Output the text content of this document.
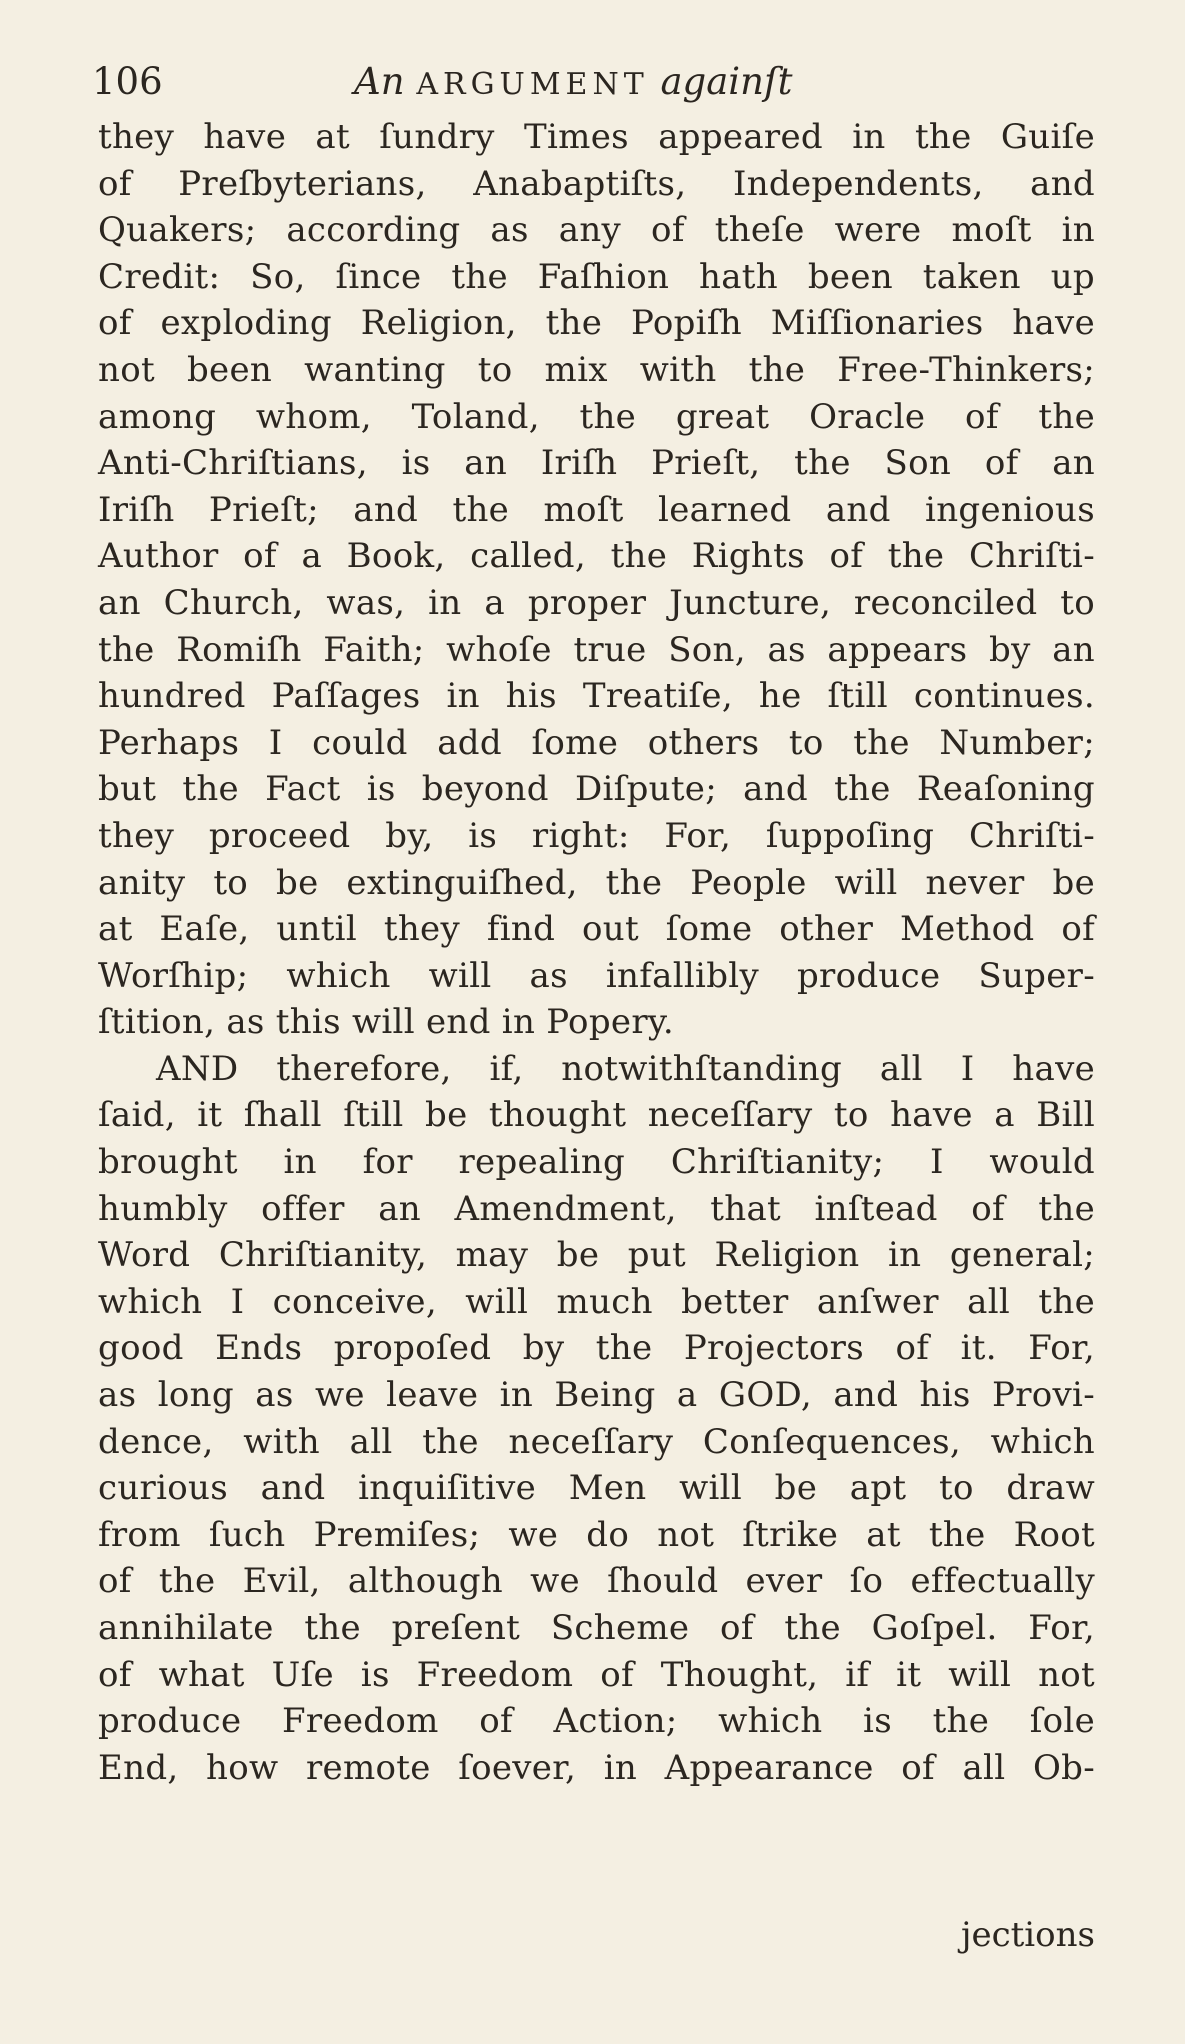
106	An ARGUMENT againſt
they have at ſundry Times appeared in the Guiſe
of Preſbyterians, Anabaptiſts, Independents, and
Quakers; according as any of theſe were moſt in
Credit: So, ſince the Faſhion hath been taken up
of exploding Religion, the Popiſh Miſſionaries have
not been wanting to mix with the Free-Thinkers;
among whom, Toland, the great Oracle of the
Anti-Chriſtians, is an Iriſh Prieſt, the Son of an
Iriſh Prieſt; and the moſt learned and ingenious
Author of a Book, called, the Rights of the Chriſti-
an Church, was, in a proper Juncture, reconciled to
the Romiſh Faith; whoſe true Son, as appears by an
hundred Paſſages in his Treatiſe, he ſtill continues.
Perhaps I could add ſome others to the Number;
but the Fact is beyond Diſpute; and the Reaſoning
they proceed by, is right: For, ſuppoſing Chriſti-
anity to be extinguiſhed, the People will never be
at Eaſe, until they find out ſome other Method of
Worſhip; which will as infallibly produce Super-
ſtition, as this will end in Popery.
AND therefore, if, notwithſtanding all I have
ſaid, it ſhall ſtill be thought neceſſary to have a Bill
brought in for repealing Chriſtianity; I would
humbly offer an Amendment, that inſtead of the
Word Chriſtianity, may be put Religion in general;
which I conceive, will much better anſwer all the
good Ends propoſed by the Projectors of it. For,
as long as we leave in Being a GOD, and his Provi-
dence, with all the neceſſary Conſequences, which
curious and inquiſitive Men will be apt to draw
from ſuch Premiſes; we do not ſtrike at the Root
of the Evil, although we ſhould ever ſo effectually
annihilate the preſent Scheme of the Goſpel. For,
of what Uſe is Freedom of Thought, if it will not
produce Freedom of Action; which is the ſole
End, how remote ſoever, in Appearance of all Ob-
jections
